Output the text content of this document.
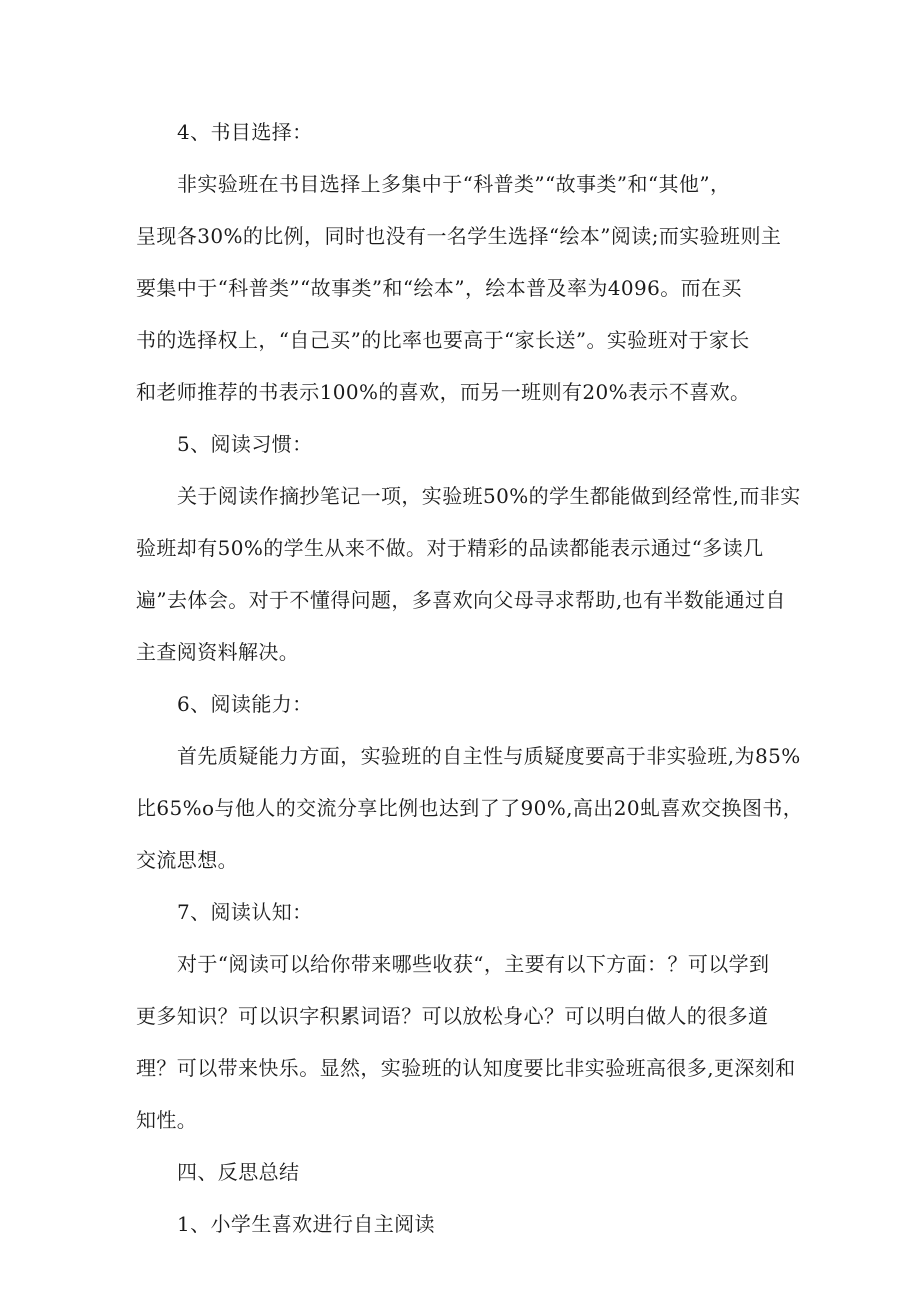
4、书目选择：
非实验班在书目选择上多集中于“科普类”“故事类”和“其他”，
呈现各30%的比例，同时也没有一名学生选择“绘本”阅读;而实验班则主
要集中于“科普类”“故事类”和“绘本”，绘本普及率为4096。而在买
书的选择权上，“自己买”的比率也要高于“家长送”。实验班对于家长
和老师推荐的书表示100%的喜欢，而另一班则有20%表示不喜欢。
5、阅读习惯：
关于阅读作摘抄笔记一项，实验班50%的学生都能做到经常性,而非实
验班却有50%的学生从来不做。对于精彩的品读都能表示通过“多读几
遍”去体会。对于不懂得问题，多喜欢向父母寻求帮助,也有半数能通过自
主查阅资料解决。
6、阅读能力：
首先质疑能力方面，实验班的自主性与质疑度要高于非实验班,为85%
比65%o与他人的交流分享比例也达到了了90%,高出20虬喜欢交换图书，
交流思想。
7、阅读认知：
对于“阅读可以给你带来哪些收获“，主要有以下方面：？可以学到
更多知识？可以识字积累词语？可以放松身心？可以明白做人的很多道
理？可以带来快乐。显然，实验班的认知度要比非实验班高很多,更深刻和
知性。
四、反思总结
1、小学生喜欢进行自主阅读
